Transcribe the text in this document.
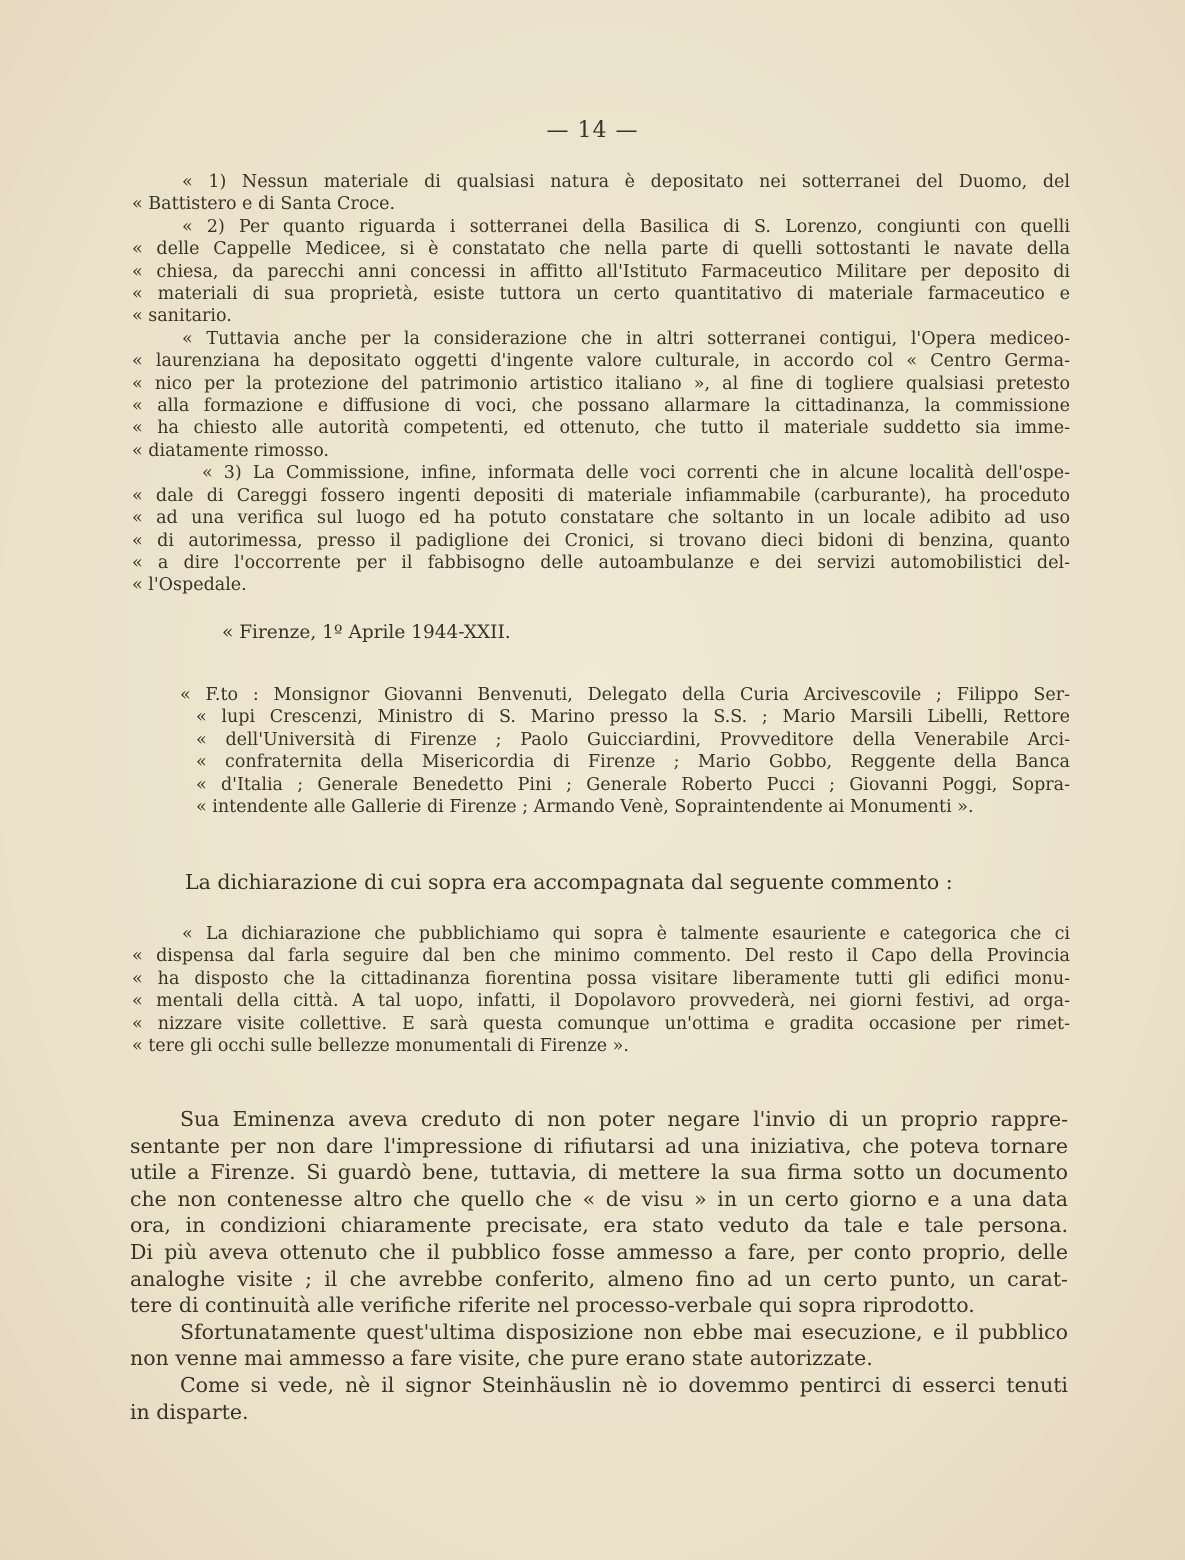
— 14 —
« 1) Nessun materiale di qualsiasi natura è depositato nei sotterranei del Duomo, del
« Battistero e di Santa Croce.
« 2) Per quanto riguarda i sotterranei della Basilica di S. Lorenzo, congiunti con quelli
« delle Cappelle Medicee, si è constatato che nella parte di quelli sottostanti le navate della
« chiesa, da parecchi anni concessi in affitto all'Istituto Farmaceutico Militare per deposito di
« materiali di sua proprietà, esiste tuttora un certo quantitativo di materiale farmaceutico e
« sanitario.
« Tuttavia anche per la considerazione che in altri sotterranei contigui, l'Opera mediceo-
« laurenziana ha depositato oggetti d'ingente valore culturale, in accordo col « Centro Germa-
« nico per la protezione del patrimonio artistico italiano », al fine di togliere qualsiasi pretesto
« alla formazione e diffusione di voci, che possano allarmare la cittadinanza, la commissione
« ha chiesto alle autorità competenti, ed ottenuto, che tutto il materiale suddetto sia imme-
« diatamente rimosso.
« 3) La Commissione, infine, informata delle voci correnti che in alcune località dell'ospe-
« dale di Careggi fossero ingenti depositi di materiale infiammabile (carburante), ha proceduto
« ad una verifica sul luogo ed ha potuto constatare che soltanto in un locale adibito ad uso
« di autorimessa, presso il padiglione dei Cronici, si trovano dieci bidoni di benzina, quanto
« a dire l'occorrente per il fabbisogno delle autoambulanze e dei servizi automobilistici del-
« l'Ospedale.
« Firenze, 1º Aprile 1944-XXII.
« F.to : Monsignor Giovanni Benvenuti, Delegato della Curia Arcivescovile ; Filippo Ser-
« lupi Crescenzi, Ministro di S. Marino presso la S.S. ; Mario Marsili Libelli, Rettore
« dell'Università di Firenze ; Paolo Guicciardini, Provveditore della Venerabile Arci-
« confraternita della Misericordia di Firenze ; Mario Gobbo, Reggente della Banca
« d'Italia ; Generale Benedetto Pini ; Generale Roberto Pucci ; Giovanni Poggi, Sopra-
« intendente alle Gallerie di Firenze ; Armando Venè, Sopraintendente ai Monumenti ».
La dichiarazione di cui sopra era accompagnata dal seguente commento :
« La dichiarazione che pubblichiamo qui sopra è talmente esauriente e categorica che ci
« dispensa dal farla seguire dal ben che minimo commento. Del resto il Capo della Provincia
« ha disposto che la cittadinanza fiorentina possa visitare liberamente tutti gli edifici monu-
« mentali della città. A tal uopo, infatti, il Dopolavoro provvederà, nei giorni festivi, ad orga-
« nizzare visite collettive. E sarà questa comunque un'ottima e gradita occasione per rimet-
« tere gli occhi sulle bellezze monumentali di Firenze ».
Sua Eminenza aveva creduto di non poter negare l'invio di un proprio rappre-
sentante per non dare l'impressione di rifiutarsi ad una iniziativa, che poteva tornare
utile a Firenze. Si guardò bene, tuttavia, di mettere la sua firma sotto un documento
che non contenesse altro che quello che « de visu » in un certo giorno e a una data
ora, in condizioni chiaramente precisate, era stato veduto da tale e tale persona.
Di più aveva ottenuto che il pubblico fosse ammesso a fare, per conto proprio, delle
analoghe visite ; il che avrebbe conferito, almeno fino ad un certo punto, un carat-
tere di continuità alle verifiche riferite nel processo-verbale qui sopra riprodotto.
Sfortunatamente quest'ultima disposizione non ebbe mai esecuzione, e il pubblico
non venne mai ammesso a fare visite, che pure erano state autorizzate.
Come si vede, nè il signor Steinhäuslin nè io dovemmo pentirci di esserci tenuti
in disparte.
